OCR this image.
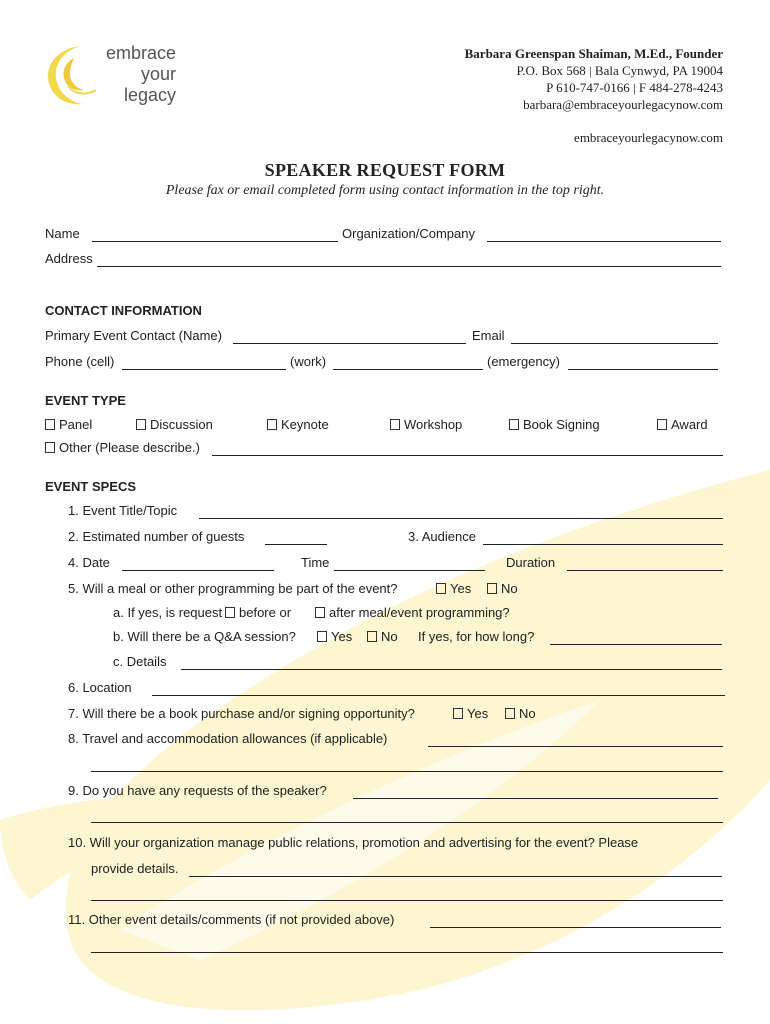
embrace
your
legacy
Barbara Greenspan Shaiman, M.Ed., Founder
P.O. Box 568 | Bala Cynwyd, PA 19004
P 610-747-0166 | F 484-278-4243
barbara@embraceyourlegacynow.com
embraceyourlegacynow.com
SPEAKER REQUEST FORM
Please fax or email completed form using contact information in the top right.
Name	Organization/Company
Address
CONTACT INFORMATION
Primary Event Contact (Name)	Email
Phone (cell)	(work)	(emergency)
EVENT TYPE
Panel	Discussion	Keynote	Workshop	Book Signing	Award
Other (Please describe.)
EVENT SPECS
1. Event Title/Topic
2. Estimated number of guests	3. Audience
4. Date	Time	Duration
5. Will a meal or other programming be part of the event?	Yes	No
a. If yes, is request	before or	after meal/event programming?
b. Will there be a Q&A session?	Yes	No If yes, for how long?
c. Details
6. Location
7. Will there be a book purchase and/or signing opportunity?	Yes	No
8. Travel and accommodation allowances (if applicable)
9. Do you have any requests of the speaker?
10. Will your organization manage public relations, promotion and advertising for the event? Please
provide details.
11. Other event details/comments (if not provided above)
